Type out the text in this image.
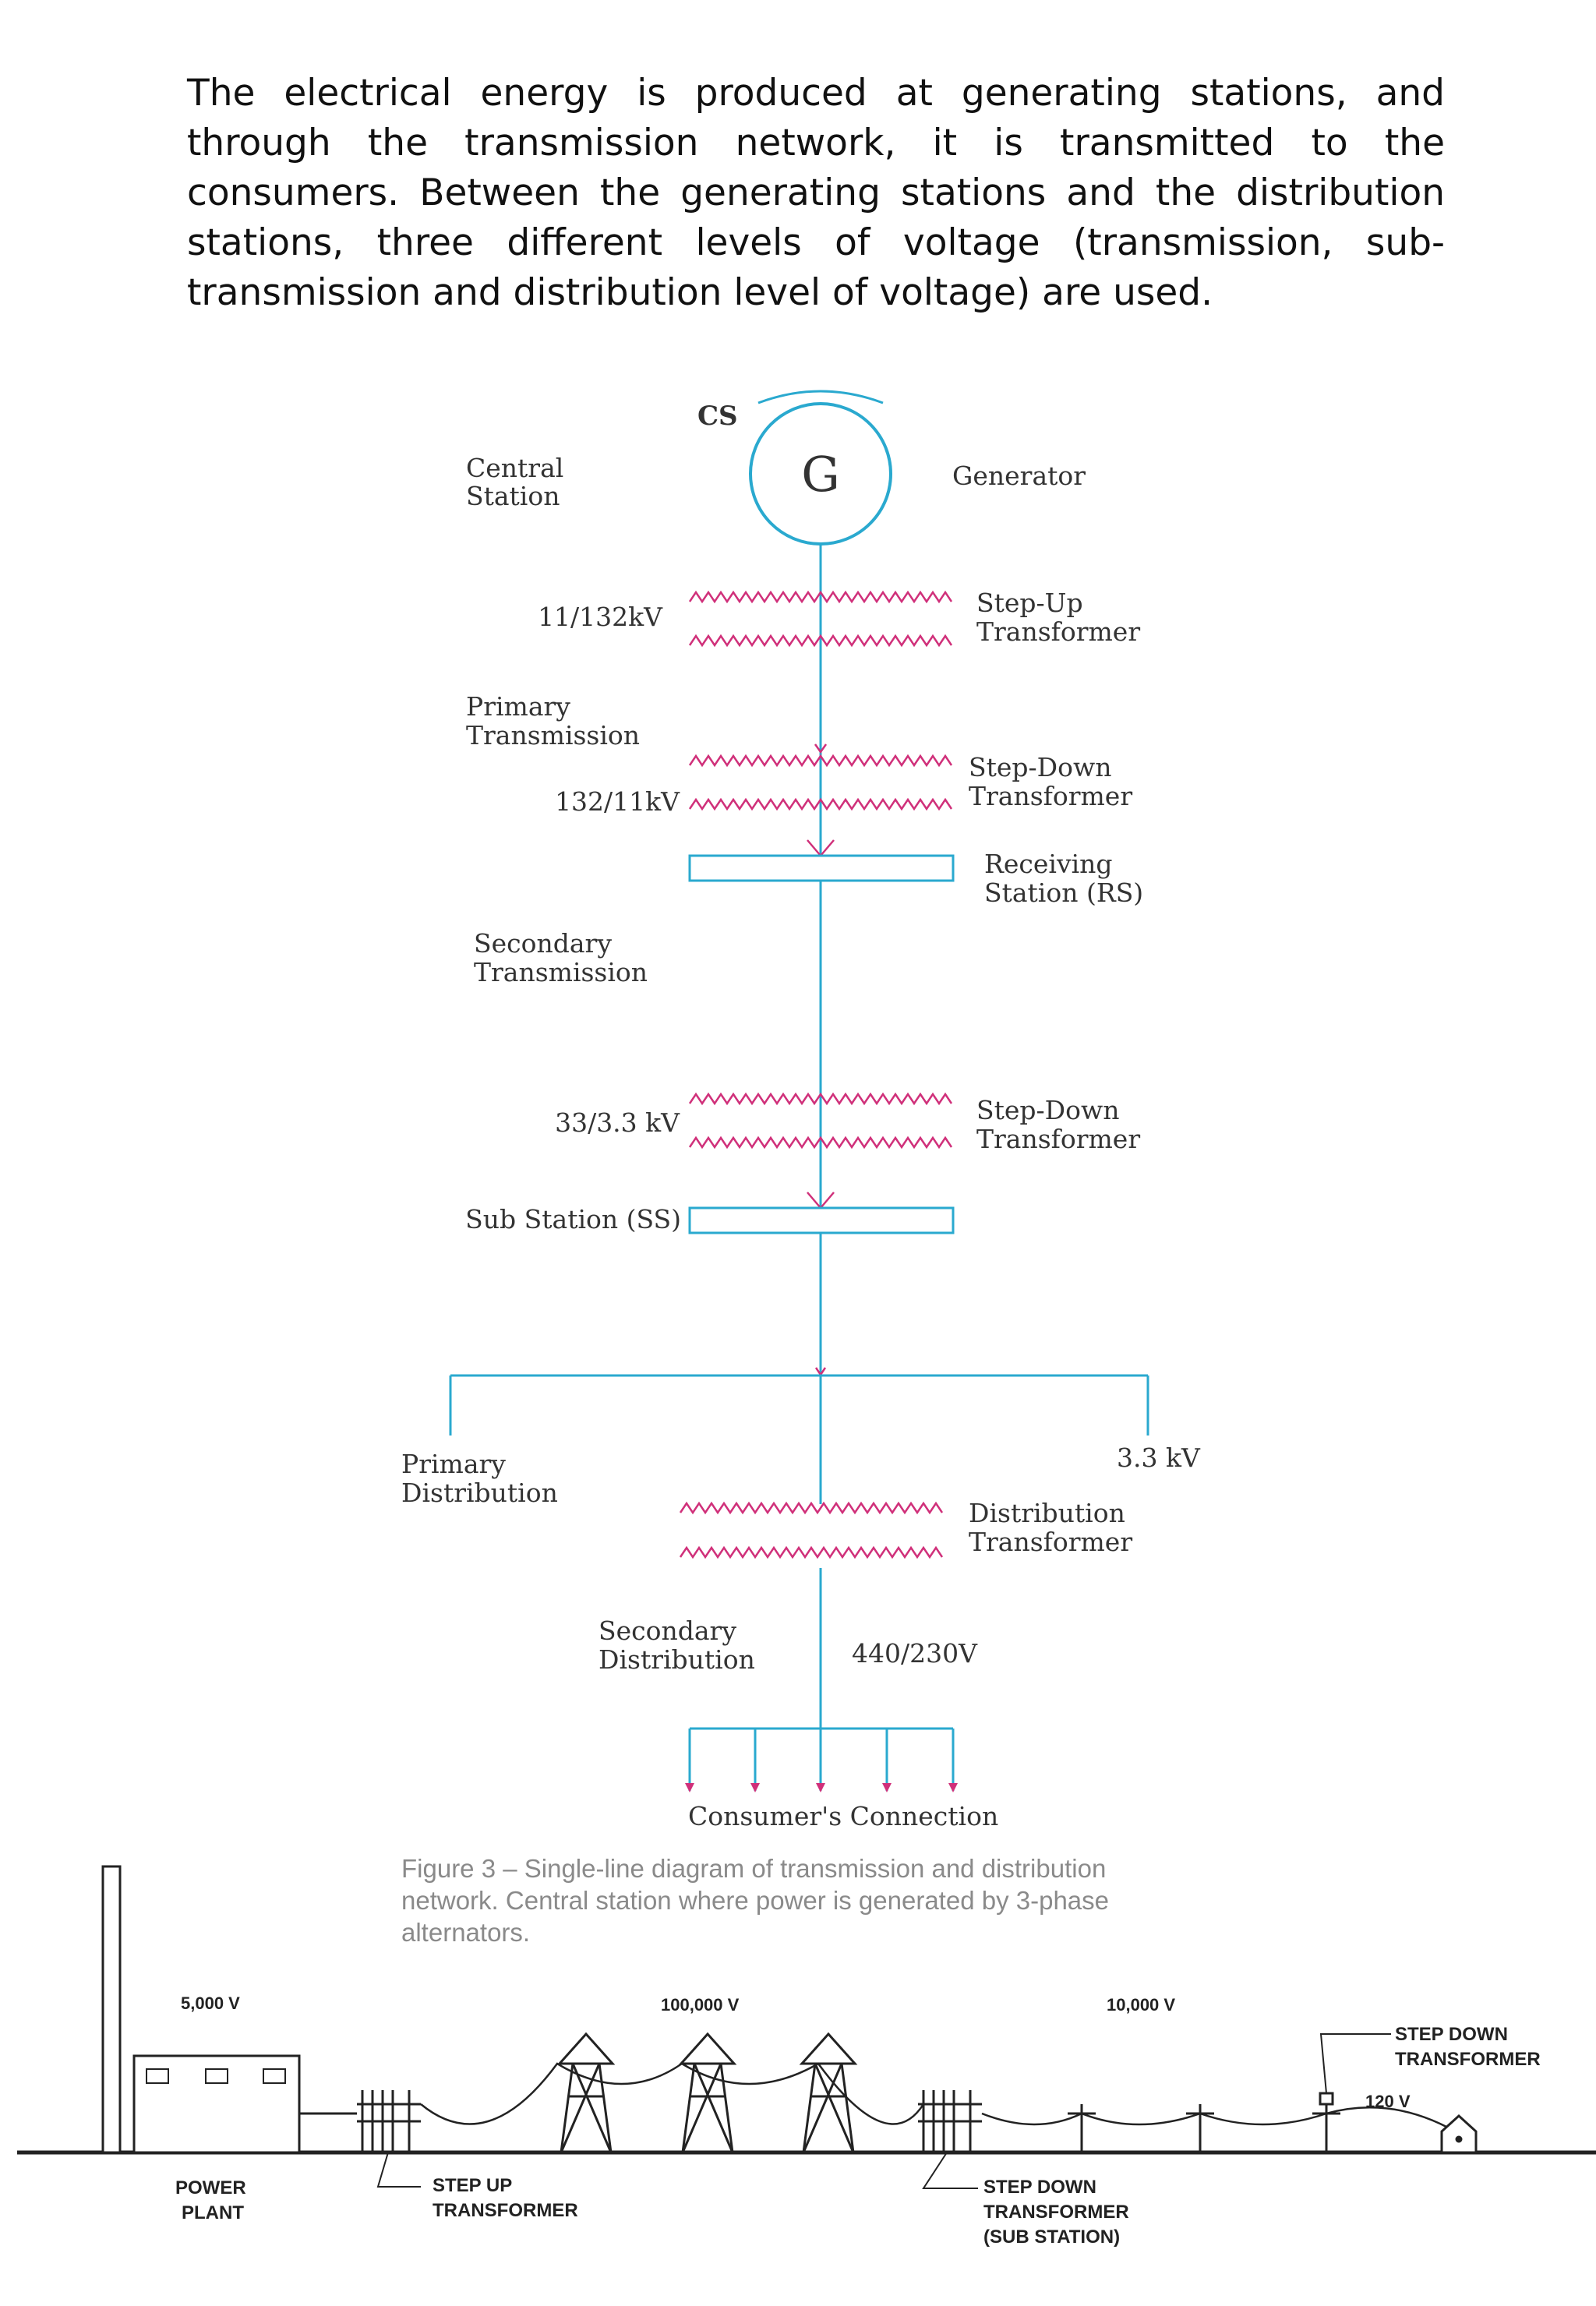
The electrical energy is produced at generating stations, and through the transmission network, it is transmitted to the consumers. Between the generating stations and the distribution stations, three different levels of voltage (transmission, sub-transmission and distribution level of voltage) are used.

G
CS
Central
Station
Generator
11/132kV	Step-Up
Transformer
Primary
Transmission
132/11kV
Step-Down
Transformer
Receiving
Station (RS)
Secondary
Transmission
33/3.3 kV	Step-Down
Transformer
Sub Station (SS)
Primary
Distribution
3.3 kV
Distribution
Transformer
Secondary
Distribution	440/230V
Consumer's Connection
Figure 3 – Single-line diagram of transmission and distribution
network. Central station where power is generated by 3-phase
alternators.
5,000 V
POWER
PLANT
STEP UP
TRANSFORMER
100,000 V
STEP DOWN
TRANSFORMER
(SUB STATION)
10,000 V
STEP DOWN
TRANSFORMER
120 V
